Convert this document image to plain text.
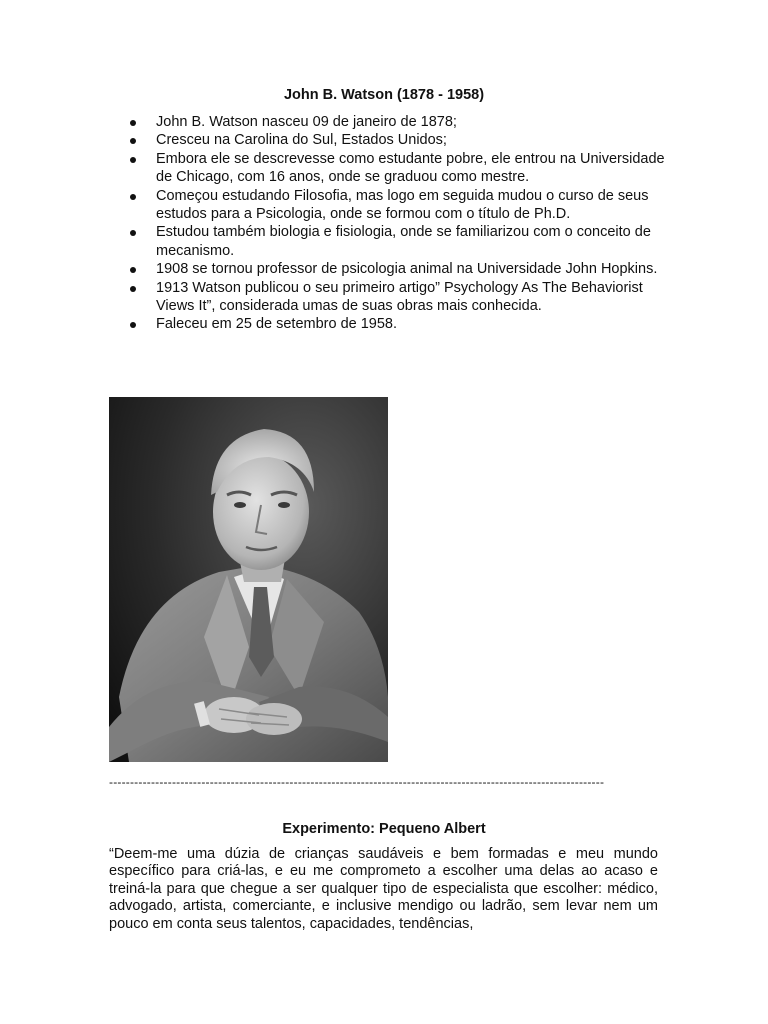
John B. Watson (1878 - 1958)
John B. Watson nasceu 09 de janeiro de 1878;
Cresceu na Carolina do Sul, Estados Unidos;
Embora ele se descrevesse como estudante pobre, ele entrou na Universidade de Chicago, com 16 anos, onde se graduou como mestre.
Começou estudando Filosofia, mas logo em seguida mudou o curso de seus estudos para a Psicologia, onde se formou com o título de Ph.D.
Estudou também biologia e fisiologia, onde se familiarizou com o conceito de mecanismo.
1908 se tornou professor de psicologia animal na Universidade John Hopkins.
1913 Watson publicou o seu primeiro artigo” Psychology As The Behaviorist Views It”, considerada umas de suas obras mais conhecida.
Faleceu em 25 de setembro de 1958.
----------------------------------------------------------------------------------------------------------------------
Experimento: Pequeno Albert

“Deem-me uma dúzia de crianças saudáveis e bem formadas e meu mundo específico para criá-las, e eu me comprometo a escolher uma delas ao acaso e treiná-la para que chegue a ser qualquer tipo de especialista que escolher: médico, advogado, artista, comerciante, e inclusive mendigo ou ladrão, sem levar nem um pouco em conta seus talentos, capacidades, tendências,
